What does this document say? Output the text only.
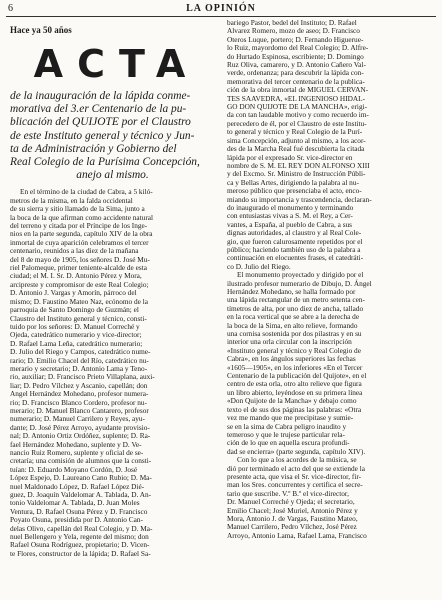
6	LA OPINIÓN
Hace ya 50 años
ACTA

de la inauguración de la lápida conme-

morativa del 3.er Centenario de la pu-

blicación del QUIJOTE por el Claustro

de este Instituto general y técnico y Jun-

ta de Administración y Gobierno del

Real Colegio de la Purísima Concepción,

anejo al mismo.

En el término de la ciudad de Cabra, a 5 kiló-

metros de la misma, en la falda occidental

de su sierra y sitio llamado de la Sima, junto a

la boca de la que afirman como accidente natural

del terreno y citada por el Príncipe de los Inge-

nios en la parte segunda, capítulo XIV de la obra

inmortal de cuya aparición celebramos el tercer

centenario, reunidos a las diez de la mañana

del 8 de mayo de 1905, los señores D. José Mu-

riel Palomeque, primer teniente-alcalde de esta

ciudad; el M. I. Sr. D. Antonio Pérez y Mora,

arcipreste y compromisor de este Real Colegio;

D. Antonio J. Vargas y Amorín, párroco del

mismo; D. Faustino Mateo Naz, ecónomo de la

parroquia de Santo Domingo de Guzmán; el

Claustro del Instituto general y técnico, consti-

tuido por los señores: D. Manuel Correché y

Ojeda, catedrático numerario y vice-director;

D. Rafael Lama Leña, catedrático numerario;

D. Julio del Riego y Campos, catedrático nume-

rario; D. Emilio Chacel del Río, catedrático nu-

merario y secretario; D. Antonio Lama y Teno-

rio, auxiliar; D. Francisco Prieto Villaplana, auxi-

liar; D. Pedro Vílchez y Ascanio, capellán; don

Angel Hernández Mohedano, profesor numera-

rio; D. Francisco Blanco Cordero, profesor nu-

merario; D. Manuel Blanco Cantarero, profesor

numerario; D. Manuel Carrilero y Reyes, ayu-

dante; D. José Pérez Arroyo, ayudante provisio-

nal; D. Antonio Ortiz Ordóñez, suplente; D. Ra-

fael Hernández Mohedano, suplente y D. Ve-

nancio Ruiz Romero, suplente y oficial de se-

cretaría; una comisión de alumnos que la consti-

tuían: D. Eduardo Moyano Cordón, D. José

López Espejo, D. Laureano Cano Rubio; D. Ma-

nuel Maldonado López, D. Rafael López Dié-

guez, D. Joaquín Valdelomar A. Tablada, D. An-

tonio Valdelomar A. Tablada, D. Juan Moles

Ventura, D. Rafael Osuna Pérez y D. Francisco

Poyato Osuna, presidida por D. Antonio Can-

delas Olivo, capellán del Real Colegio, y D. Ma-

nuel Bellengero y Yela, regente del mismo; don

Rafael Osuna Rodríguez, propietario; D. Vicen-

te Flores, constructor de la lápida; D. Rafael Sa-

bariego Pastor, bedel del Instituto; D. Rafael

Alvarez Romero, mozo de aseo; D. Francisco

Oteros Luque, portero; D. Fernando Higueruе-

lo Ruiz, mayordomo del Real Colegio; D. Alfre-

do Hurtado Espinosa, escribiente; D. Domingo

Ruz Oliva, camarero, y D. Antonio Cañero Val-

verde, ordenanza; para descubrir la lápida con-

memorativa del tercer centenario de la publica-

ción de la obra inmortal de MIGUEL CERVAN-

TES SAAVEDRA, «EL INGENIOSO HIDAL-

GO DON QUIJOTE DE LA MANCHA», erigi-

da con tan laudable motivo y como recuerdo im-

perecedero de él, por el Claustro de este Institu-

to general y técnico y Real Colegio de la Purí-

sima Concepción, adjunto al mismo, a los acor-

des de la Marcha Real fué descubierta la citada

lápida por el expresado Sr. vice-director en

nombre de S. M. EL REY DON ALFONSO XIII

y del Excmo. Sr. Ministro de Instrucción Públi-

ca y Bellas Artes, dirigiendo la palabra al nu-

meroso público que presenciaba el acto, enco-

miando su importancia y trascendencia, declaran-

do inaugurado el monumento y terminando

con entusiastas vivas a S. M. el Rey, a Cer-

vantes, a España, al pueblo de Cabra, a sus

dignas autoridades, al claustro y al Real Cole-

gio, que fueron calurosamente repetidos por el

público; haciendo también uso de la palabra a

continuación en elocuentes frases, el catedráti-

co D. Julio del Riego.

El monumento proyectado y dirigido por el

ilustrado profesor numerario de Dibujo, D. Ángel

Hernández Mohedano, se halla formado por

una lápida rectangular de un metro setenta cen-

tímetros de alta, por uno diez de ancha, tallado

en la roca vertical que se abre a la derecha de

la boca de la Sima, en alto relieve, formando

una cornisa sostenida por dos pilastras y en su

interior una orla circular con la inscripción

«Instituto general y técnico y Real Colegio de

Cabra», en los ángulos superiores las fechas

«1605—1905», en los inferiores «En el Tercer

Centenario de la publicación del Quijote», en el

centro de esta orla, otro alto relieve que figura

un libro abierto, leyéndose en su primera línea

«Don Quijote de la Mancha» y debajo como

texto el de sus dos páginas las palabras: «Otra

vez me mando que me precipitase y sumie-

se en la sima de Cabra peligro inaudito y

temeroso y que le trujese particular rela-

ción de lo que en aquella escura profundi-

dad se encierra» (parte segunda, capítulo XIV).

Con lo que a los acordes de la música, se

dió por terminado el acto del que se extiende la

presente acta, que visa el Sr. vice-director, fir-

man los Sres. concurrentes y certifica el secre-

tario que suscribe. V.º B.º el vice-director,

Dr. Manuel Correché y Ojeda; el secretario,

Emilio Chacel; José Muriel, Antonio Pérez y

Mora, Antonio J. de Vargas, Faustino Mateo,

Manuel Carrilero, Pedro Vílchez, José Pérez

Arroyo, Antonio Lama, Rafael Lama, Francisco
